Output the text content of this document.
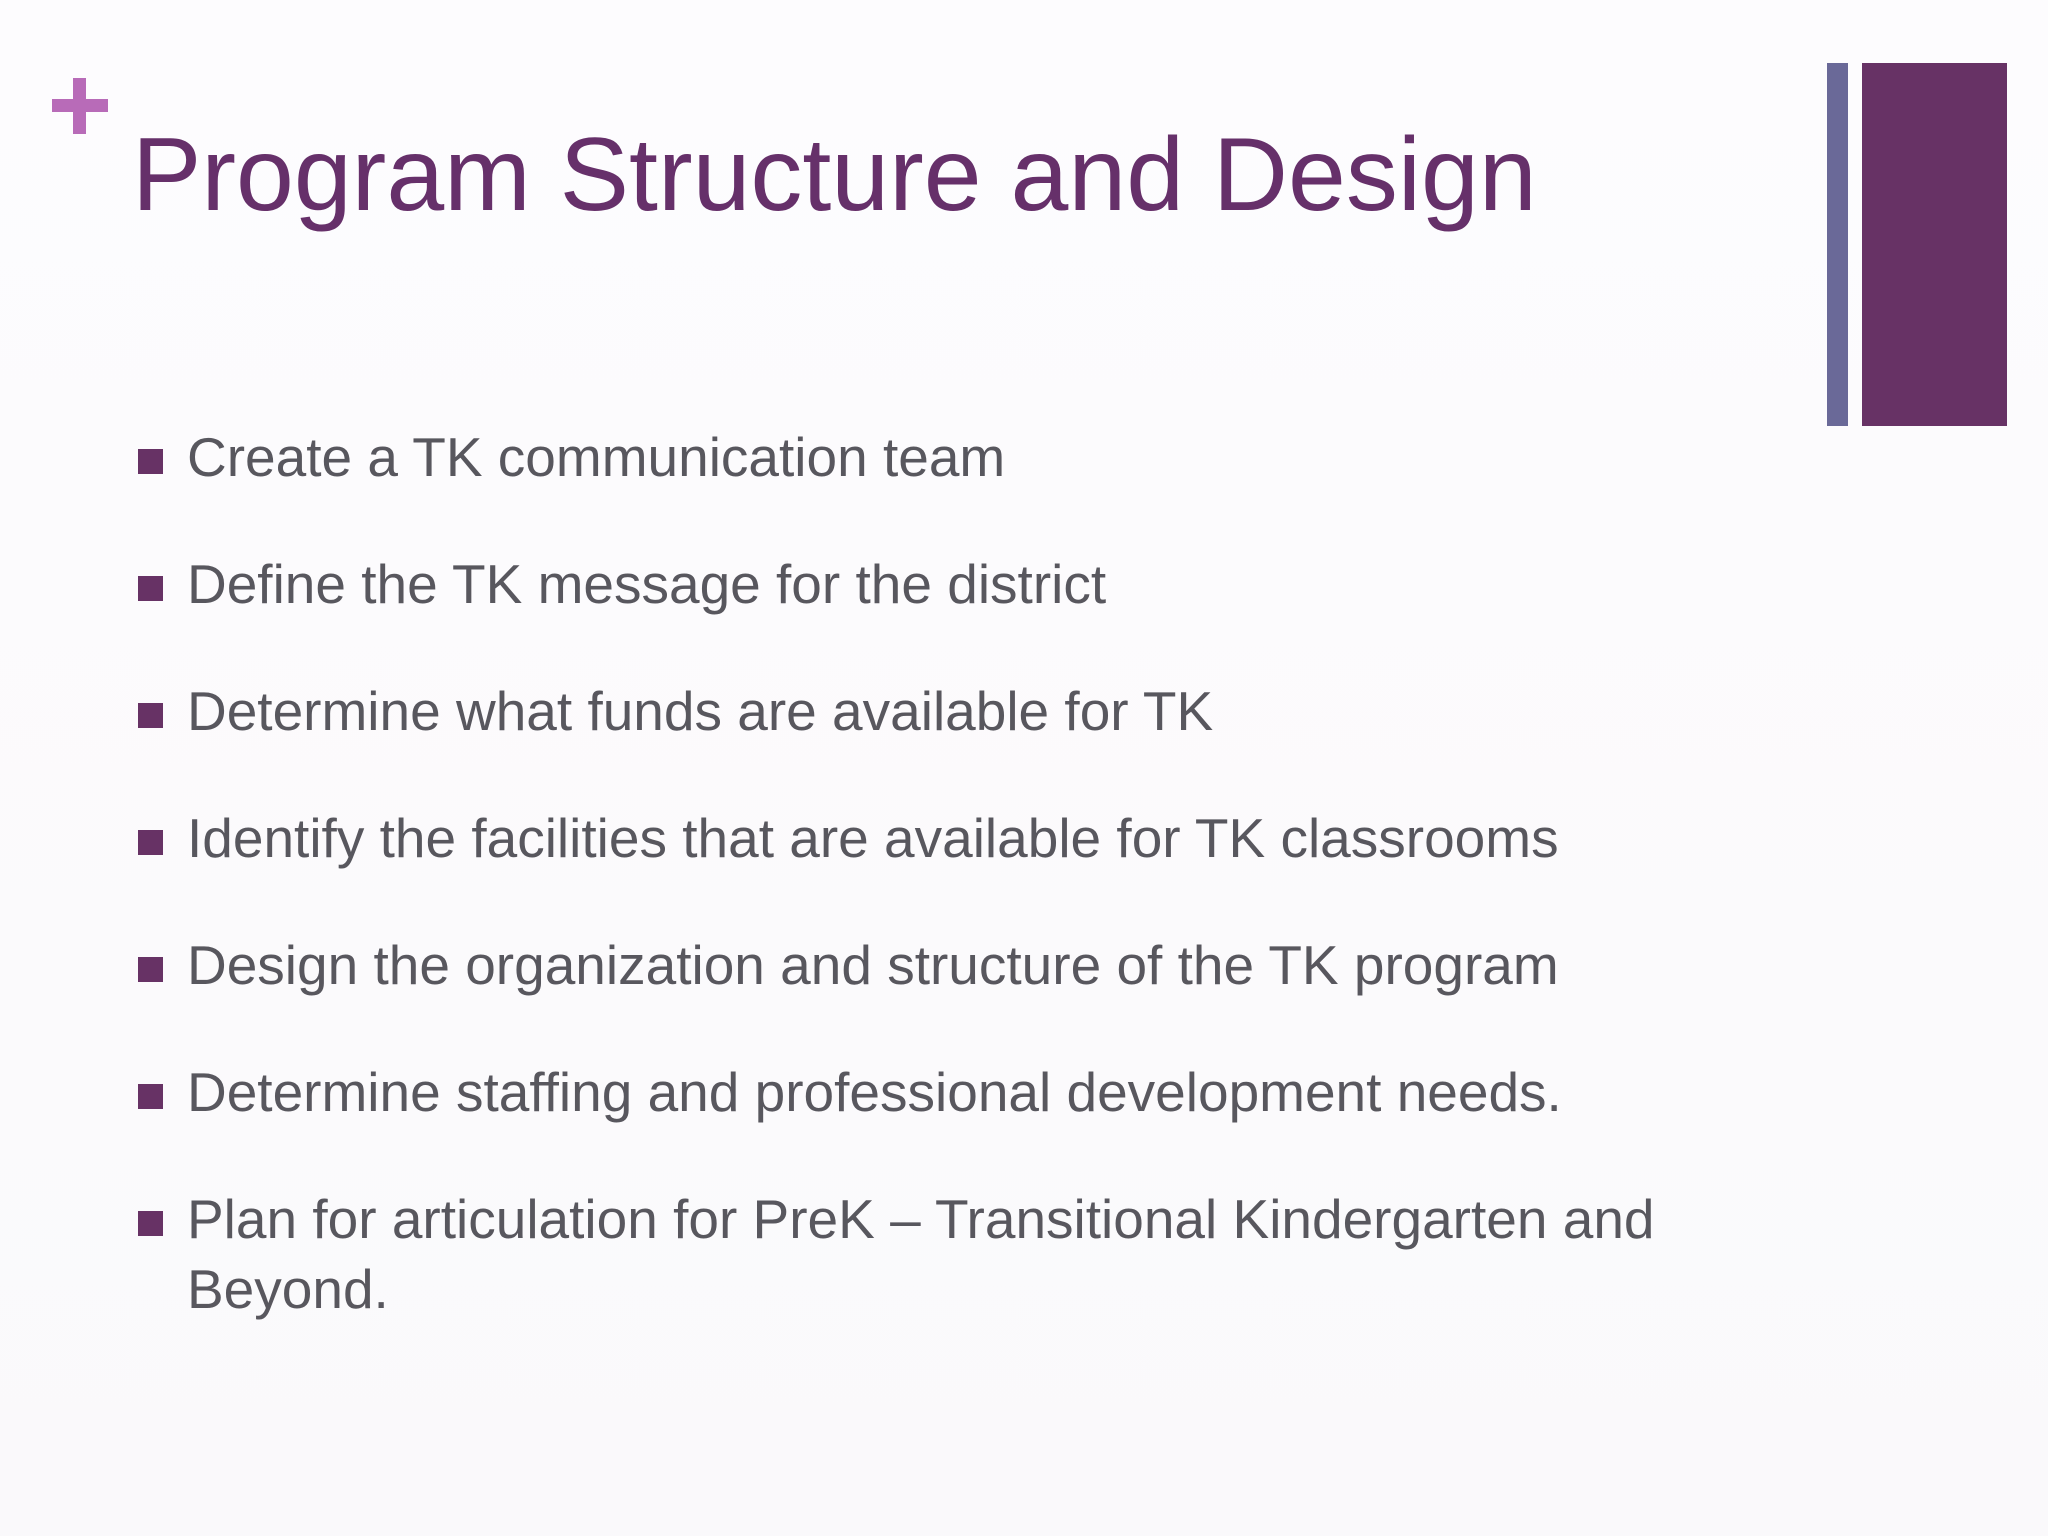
Program Structure and Design
Create a TK communication team
Define the TK message for the district
Determine what funds are available for TK
Identify the facilities that are available for TK classrooms
Design the organization and structure of the TK program
Determine staffing and professional development needs.
Plan for articulation for PreK – Transitional Kindergarten and Beyond.
